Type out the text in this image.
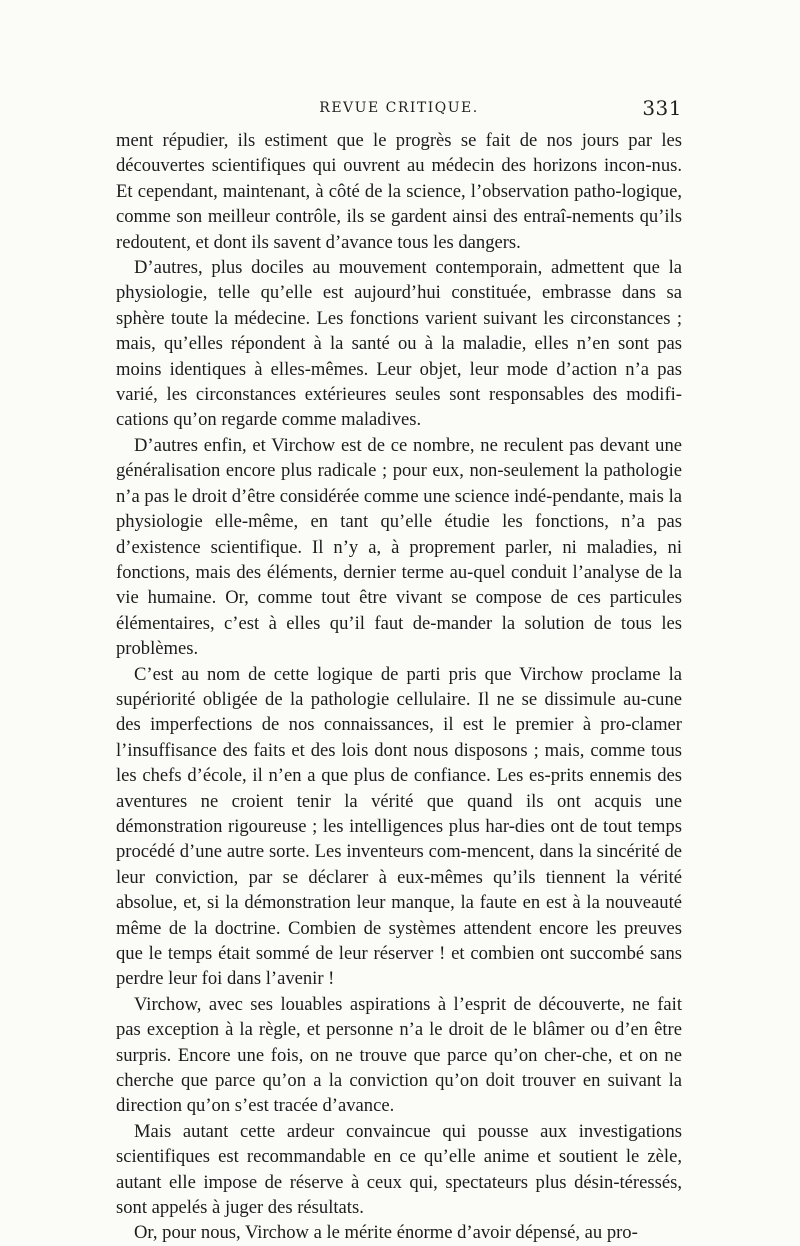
REVUE CRITIQUE.	331

ment répudier, ils estiment que le progrès se fait de nos jours par les découvertes scientifiques qui ouvrent au médecin des horizons incon-nus. Et cependant, maintenant, à côté de la science, l’observation patho-logique, comme son meilleur contrôle, ils se gardent ainsi des entraî-nements qu’ils redoutent, et dont ils savent d’avance tous les dangers.

D’autres, plus dociles au mouvement contemporain, admettent que la physiologie, telle qu’elle est aujourd’hui constituée, embrasse dans sa sphère toute la médecine. Les fonctions varient suivant les circonstances ; mais, qu’elles répondent à la santé ou à la maladie, elles n’en sont pas moins identiques à elles-mêmes. Leur objet, leur mode d’action n’a pas varié, les circonstances extérieures seules sont responsables des modifi-cations qu’on regarde comme maladives.

D’autres enfin, et Virchow est de ce nombre, ne reculent pas devant une généralisation encore plus radicale ; pour eux, non-seulement la pathologie n’a pas le droit d’être considérée comme une science indé-pendante, mais la physiologie elle-même, en tant qu’elle étudie les fonctions, n’a pas d’existence scientifique. Il n’y a, à proprement parler, ni maladies, ni fonctions, mais des éléments, dernier terme au-quel conduit l’analyse de la vie humaine. Or, comme tout être vivant se compose de ces particules élémentaires, c’est à elles qu’il faut de-mander la solution de tous les problèmes.

C’est au nom de cette logique de parti pris que Virchow proclame la supériorité obligée de la pathologie cellulaire. Il ne se dissimule au-cune des imperfections de nos connaissances, il est le premier à pro-clamer l’insuffisance des faits et des lois dont nous disposons ; mais, comme tous les chefs d’école, il n’en a que plus de confiance. Les es-prits ennemis des aventures ne croient tenir la vérité que quand ils ont acquis une démonstration rigoureuse ; les intelligences plus har-dies ont de tout temps procédé d’une autre sorte. Les inventeurs com-mencent, dans la sincérité de leur conviction, par se déclarer à eux-mêmes qu’ils tiennent la vérité absolue, et, si la démonstration leur manque, la faute en est à la nouveauté même de la doctrine. Combien de systèmes attendent encore les preuves que le temps était sommé de leur réserver ! et combien ont succombé sans perdre leur foi dans l’avenir !

Virchow, avec ses louables aspirations à l’esprit de découverte, ne fait pas exception à la règle, et personne n’a le droit de le blâmer ou d’en être surpris. Encore une fois, on ne trouve que parce qu’on cher-che, et on ne cherche que parce qu’on a la conviction qu’on doit trouver en suivant la direction qu’on s’est tracée d’avance.

Mais autant cette ardeur convaincue qui pousse aux investigations scientifiques est recommandable en ce qu’elle anime et soutient le zèle, autant elle impose de réserve à ceux qui, spectateurs plus désin-téressés, sont appelés à juger des résultats.

Or, pour nous, Virchow a le mérite énorme d’avoir dépensé, au pro-
